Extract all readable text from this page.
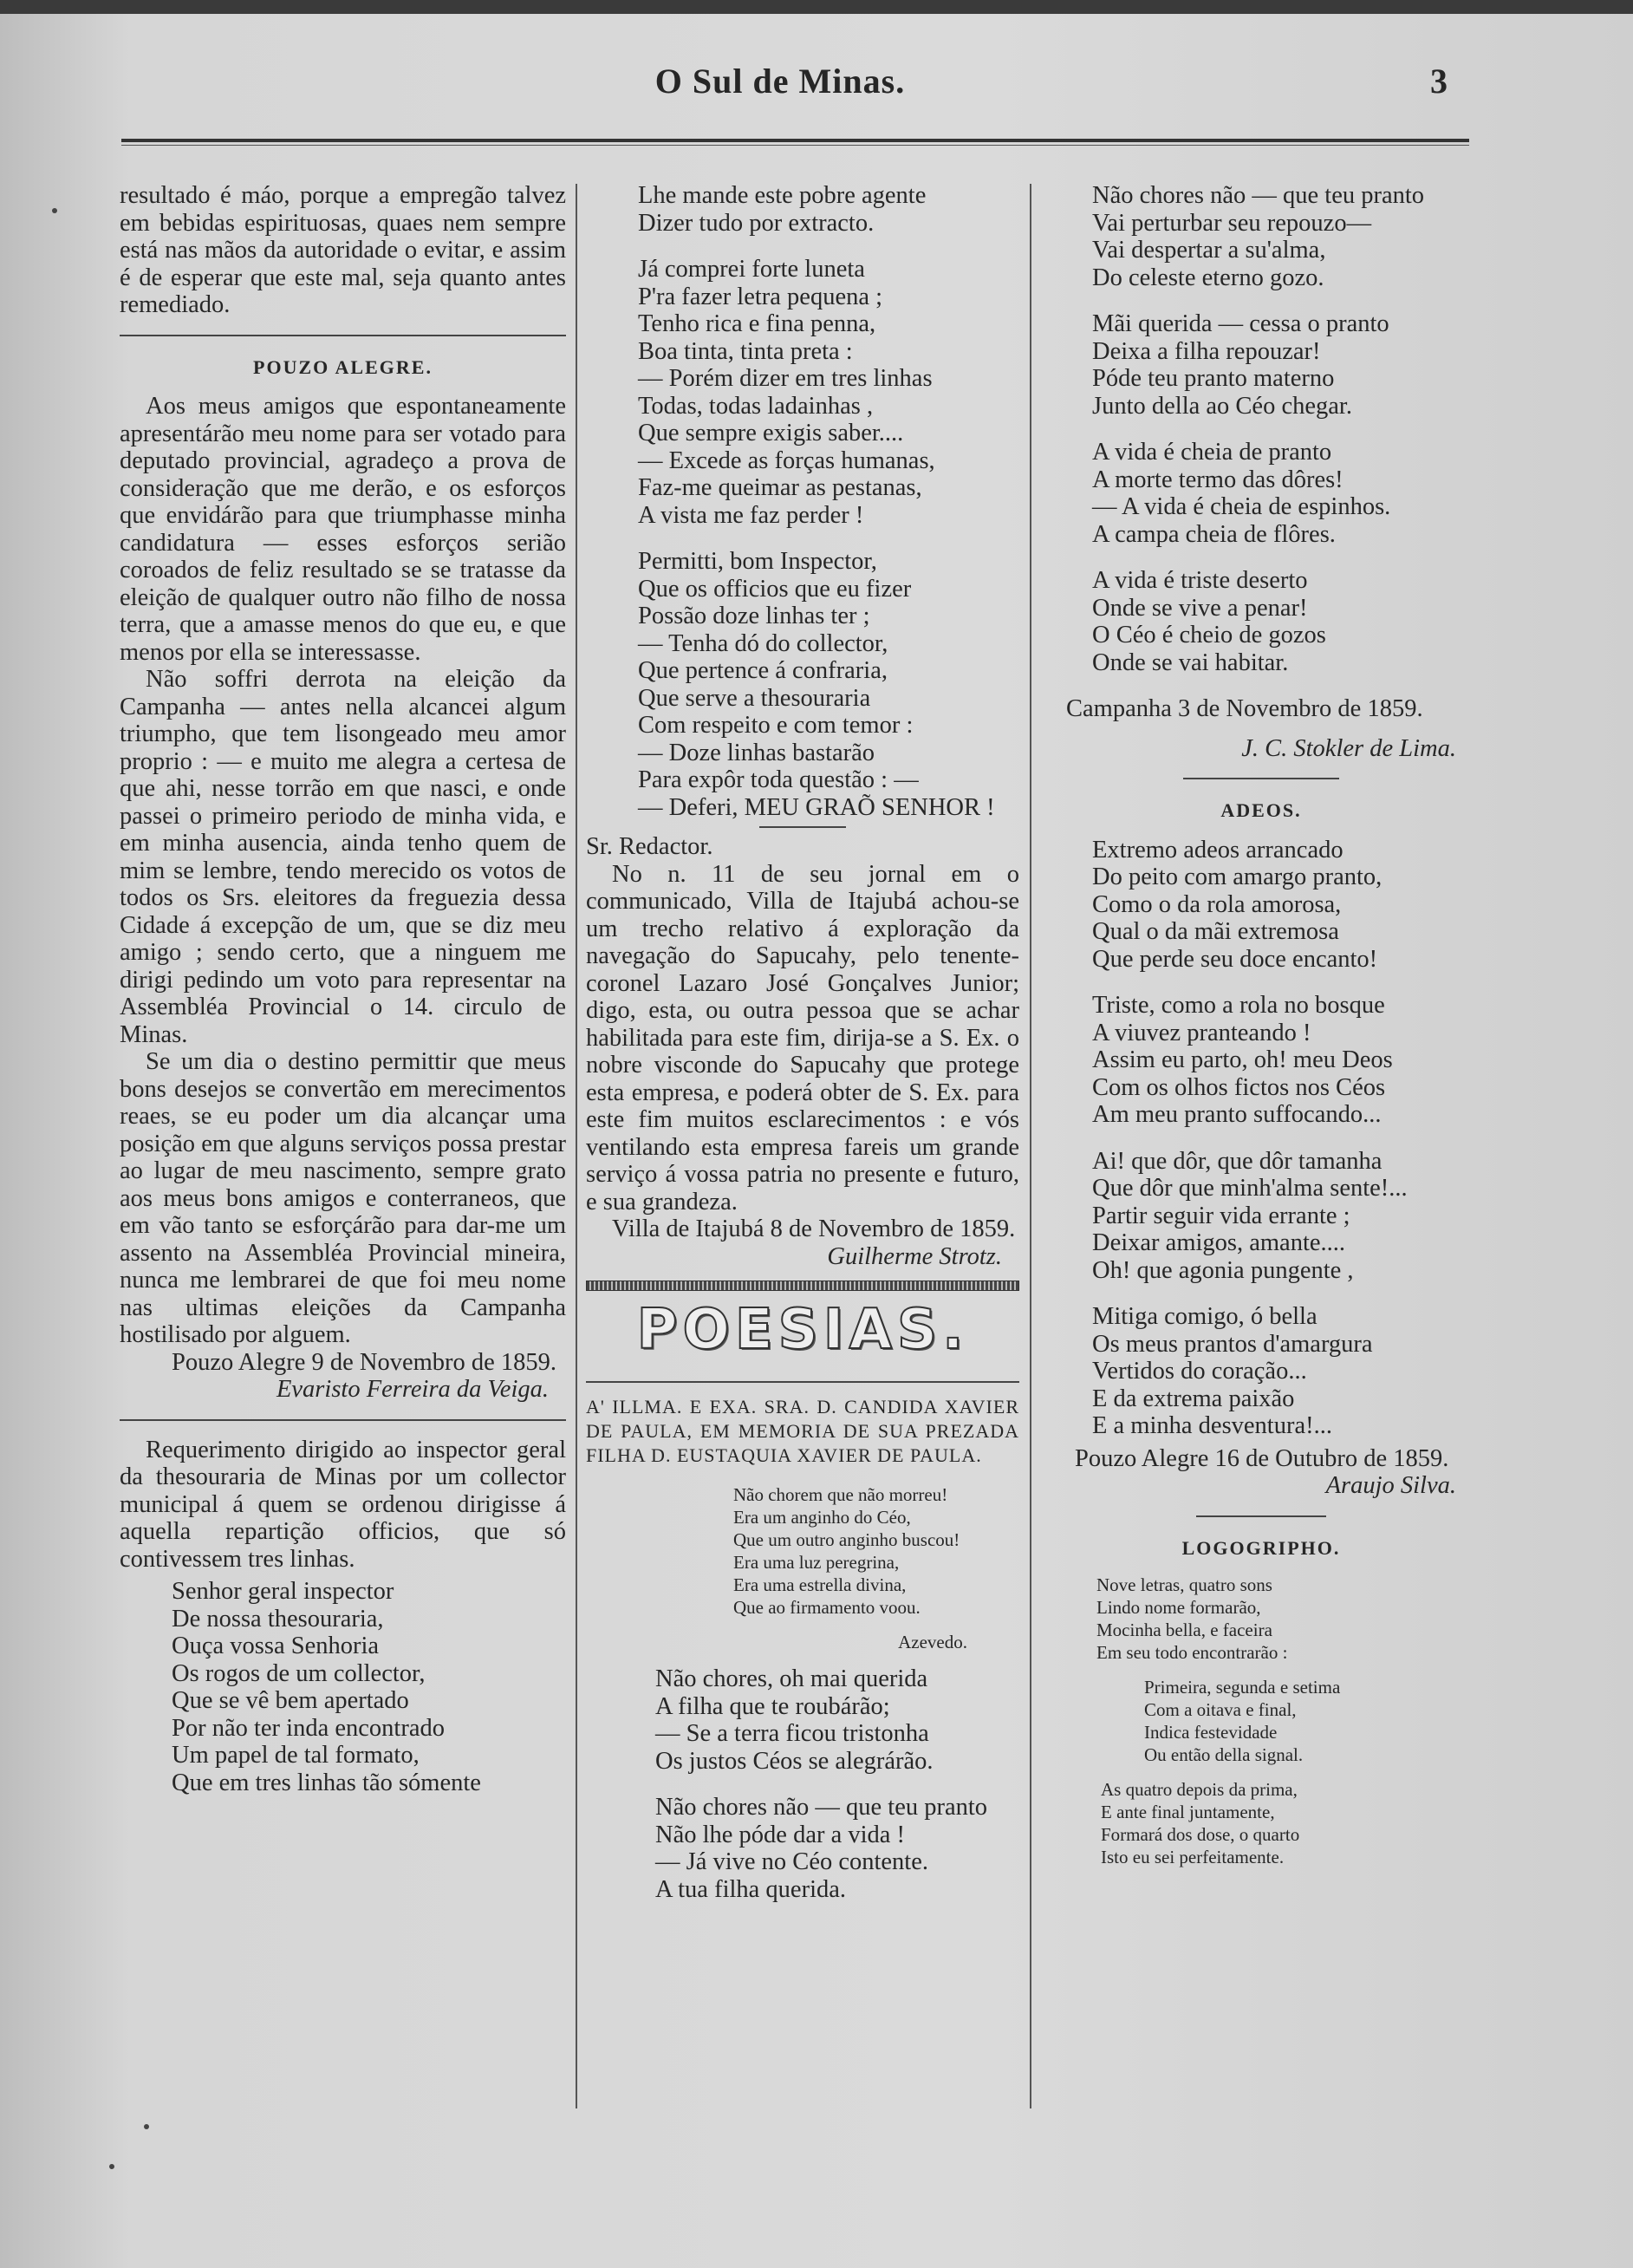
O Sul de Minas.	3

resultado é máo, porque a empregão talvez em bebidas espirituosas, quaes nem sempre está nas mãos da autoridade o evitar, e assim é de esperar que este mal, seja quanto antes remediado.

POUZO ALEGRE.

Aos meus amigos que espontaneamente apresentárão meu nome para ser votado para deputado provincial, agradeço a prova de consideração que me derão, e os esforços que envidárão para que triumphasse minha candidatura — esses esforços serião coroados de feliz resultado se se tratasse da eleição de qualquer outro não filho de nossa terra, que a amasse menos do que eu, e que menos por ella se interessasse.

Não soffri derrota na eleição da Campanha — antes nella alcancei algum triumpho, que tem lisongeado meu amor proprio : — e muito me alegra a certesa de que ahi, nesse torrão em que nasci, e onde passei o primeiro periodo de minha vida, e em minha ausencia, ainda tenho quem de mim se lembre, tendo merecido os votos de todos os Srs. eleitores da freguezia dessa Cidade á excepção de um, que se diz meu amigo ; sendo certo, que a ninguem me dirigi pedindo um voto para representar na Assembléa Provincial o 14. circulo de Minas.

Se um dia o destino permittir que meus bons desejos se convertão em merecimentos reaes, se eu poder um dia alcançar uma posição em que alguns serviços possa prestar ao lugar de meu nascimento, sempre grato aos meus bons amigos e conterraneos, que em vão tanto se esforçárão para dar-me um assento na Assembléa Provincial mineira, nunca me lembrarei de que foi meu nome nas ultimas eleições da Campanha hostilisado por alguem.

Pouzo Alegre 9 de Novembro de 1859.

Evaristo Ferreira da Veiga.

Requerimento dirigido ao inspector geral da thesouraria de Minas por um collector municipal á quem se ordenou dirigisse á aquella repartição officios, que só contivessem tres linhas.

Senhor geral inspector

De nossa thesouraria,

Ouça vossa Senhoria

Os rogos de um collector,

Que se vê bem apertado

Por não ter inda encontrado

Um papel de tal formato,

Que em tres linhas tão sómente

Lhe mande este pobre agente

Dizer tudo por extracto.

Já comprei forte luneta

P'ra fazer letra pequena ;

Tenho rica e fina penna,

Boa tinta, tinta preta :

— Porém dizer em tres linhas

Todas, todas ladainhas ,

Que sempre exigis saber....

— Excede as forças humanas,

Faz-me queimar as pestanas,

A vista me faz perder !

Permitti, bom Inspector,

Que os officios que eu fizer

Possão doze linhas ter ;

— Tenha dó do collector,

Que pertence á confraria,

Que serve a thesouraria

Com respeito e com temor :

— Doze linhas bastarão

Para expôr toda questão : —

— Deferi, MEU GRAÕ SENHOR !

Sr. Redactor.

No n. 11 de seu jornal em o communicado, Villa de Itajubá achou-se um trecho relativo á exploração da navegação do Sapucahy, pelo tenente-coronel Lazaro José Gonçalves Junior; digo, esta, ou outra pessoa que se achar habilitada para este fim, dirija-se a S. Ex. o nobre visconde do Sapucahy que protege esta empresa, e poderá obter de S. Ex. para este fim muitos esclarecimentos : e vós ventilando esta empresa fareis um grande serviço á vossa patria no presente e futuro, e sua grandeza.

Villa de Itajubá 8 de Novembro de 1859.

Guilherme Strotz.

POESIAS.

A' ILLMA. E EXA. SRA. D. CANDIDA XAVIER DE PAULA, EM MEMORIA DE SUA PREZADA FILHA D. EUSTAQUIA XAVIER DE PAULA.

Não chorem que não morreu!

Era um anginho do Céo,

Que um outro anginho buscou!

Era uma luz peregrina,

Era uma estrella divina,

Que ao firmamento voou.

Azevedo.

Não chores, oh mai querida

A filha que te roubárão;

— Se a terra ficou tristonha

Os justos Céos se alegrárão.

Não chores não — que teu pranto

Não lhe póde dar a vida !

— Já vive no Céo contente.

A tua filha querida.

Não chores não — que teu pranto

Vai perturbar seu repouzo—

Vai despertar a su'alma,

Do celeste eterno gozo.

Mãi querida — cessa o pranto

Deixa a filha repouzar!

Póde teu pranto materno

Junto della ao Céo chegar.

A vida é cheia de pranto

A morte termo das dôres!

— A vida é cheia de espinhos.

A campa cheia de flôres.

A vida é triste deserto

Onde se vive a penar!

O Céo é cheio de gozos

Onde se vai habitar.

Campanha 3 de Novembro de 1859.

J. C. Stokler de Lima.

ADEOS.

Extremo adeos arrancado

Do peito com amargo pranto,

Como o da rola amorosa,

Qual o da mãi extremosa

Que perde seu doce encanto!

Triste, como a rola no bosque

A viuvez pranteando !

Assim eu parto, oh! meu Deos

Com os olhos fictos nos Céos

Am meu pranto suffocando...

Ai! que dôr, que dôr tamanha

Que dôr que minh'alma sente!...

Partir seguir vida errante ;

Deixar amigos, amante....

Oh! que agonia pungente ,

Mitiga comigo, ó bella

Os meus prantos d'amargura

Vertidos do coração...

E da extrema paixão

E a minha desventura!...

Pouzo Alegre 16 de Outubro de 1859.

Araujo Silva.

LOGOGRIPHO.

Nove letras, quatro sons

Lindo nome formarão,

Mocinha bella, e faceira

Em seu todo encontrarão :

Primeira, segunda e setima

Com a oitava e final,

Indica festevidade

Ou então della signal.

As quatro depois da prima,

E ante final juntamente,

Formará dos dose, o quarto

Isto eu sei perfeitamente.
